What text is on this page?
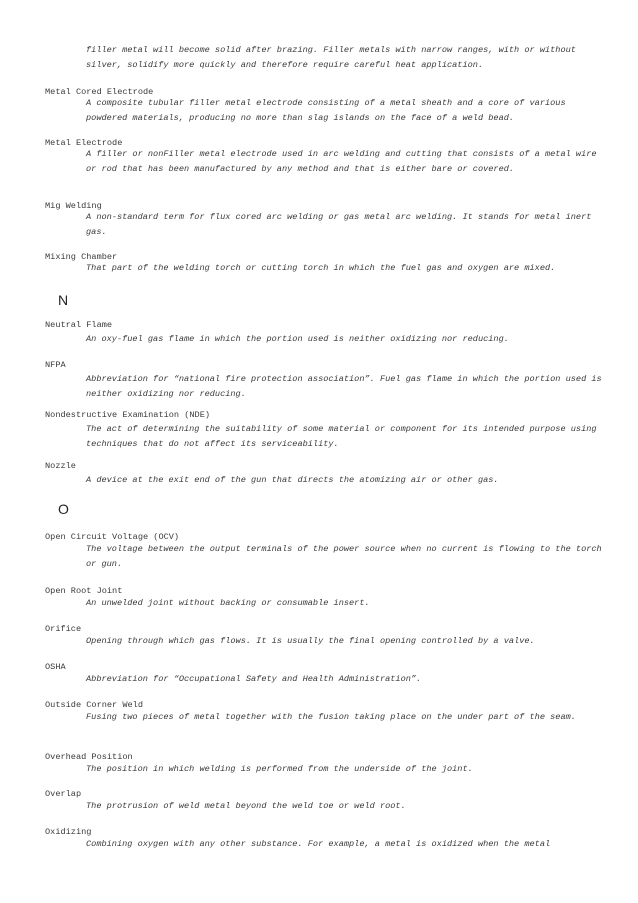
filler metal will become solid after brazing. Filler metals with narrow ranges, with or without silver, solidify more quickly and therefore require careful heat application.
Metal Cored Electrode
A composite tubular filler metal electrode consisting of a metal sheath and a core of various powdered materials, producing no more than slag islands on the face of a weld bead.
Metal Electrode
A filler or nonFiller metal electrode used in arc welding and cutting that consists of a metal wire or rod that has been manufactured by any method and that is either bare or covered.
Mig Welding
A non-standard term for flux cored arc welding or gas metal arc welding. It stands for metal inert gas.
Mixing Chamber
That part of the welding torch or cutting torch in which the fuel gas and oxygen are mixed.
N
Neutral Flame
An oxy-fuel gas flame in which the portion used is neither oxidizing nor reducing.
NFPA
Abbreviation for “national fire protection association”. Fuel gas flame in which the portion used is neither oxidizing nor reducing.
Nondestructive Examination (NDE)
The act of determining the suitability of some material or component for its intended purpose using techniques that do not affect its serviceability.
Nozzle
A device at the exit end of the gun that directs the atomizing air or other gas.
O
Open Circuit Voltage (OCV)
The voltage between the output terminals of the power source when no current is flowing to the torch or gun.
Open Root Joint
An unwelded joint without backing or consumable insert.
Orifice
Opening through which gas flows. It is usually the final opening controlled by a valve.
OSHA
Abbreviation for “Occupational Safety and Health Administration”.
Outside Corner Weld
Fusing two pieces of metal together with the fusion taking place on the under part of the seam.
Overhead Position
The position in which welding is performed from the underside of the joint.
Overlap
The protrusion of weld metal beyond the weld toe or weld root.
Oxidizing
Combining oxygen with any other substance. For example, a metal is oxidized when the metal
